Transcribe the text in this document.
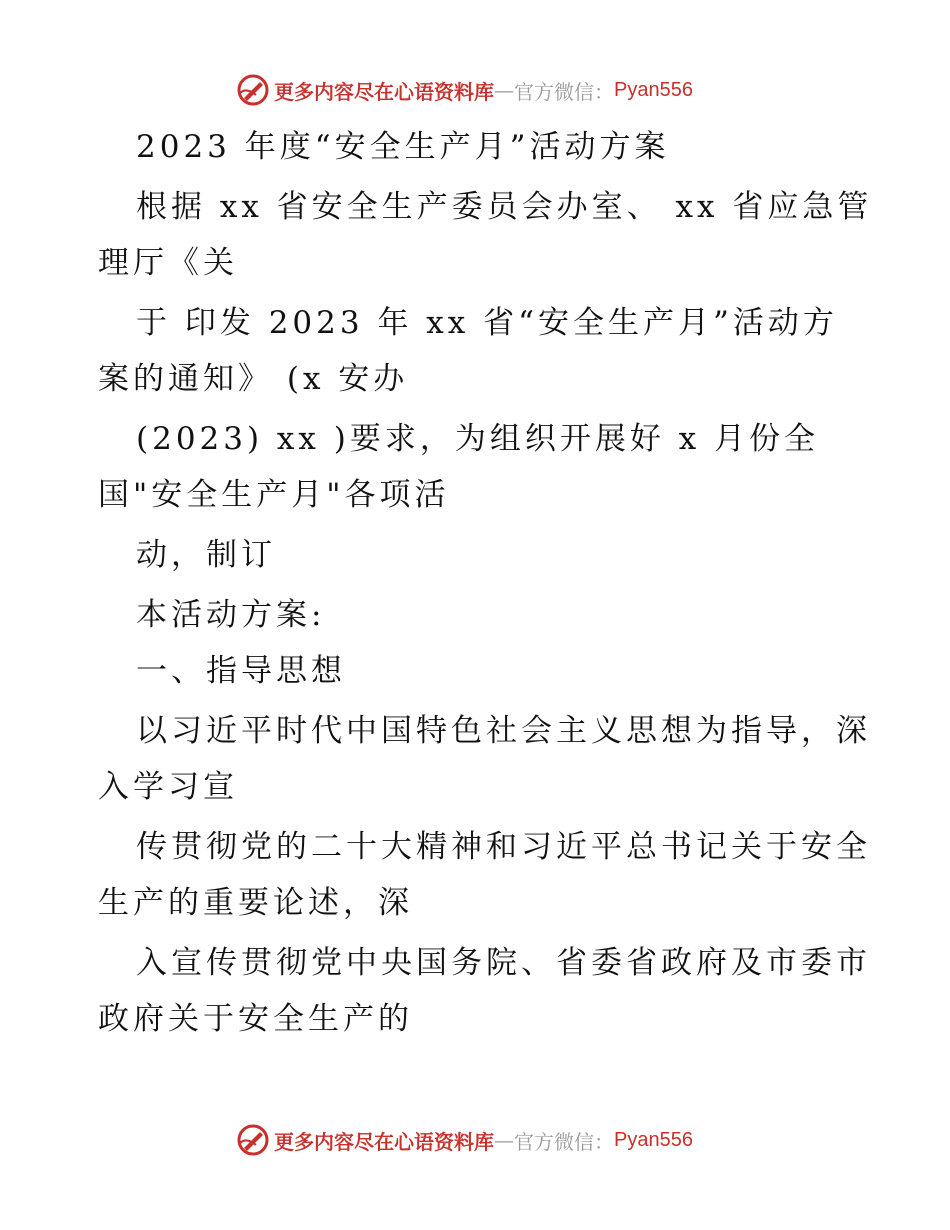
更多内容尽在心语资料库 — 官方微信： Pyan556
2023 年度“安全生产月”活动方案
根据 xx 省安全生产委员会办室、 xx 省应急管
理厅《关
于 印发 2023 年 xx 省“安全生产月”活动方
案的通知》 (x 安办
(2023) xx )要求，为组织开展好 x 月份全
国"安全生产月"各项活
动，制订
本活动方案:
一、指导思想
以习近平时代中国特色社会主义思想为指导，深
入学习宣
传贯彻党的二十大精神和习近平总书记关于安全
生产的重要论述，深
入宣传贯彻党中央国务院、省委省政府及市委市
政府关于安全生产的
更多内容尽在心语资料库 — 官方微信： Pyan556
